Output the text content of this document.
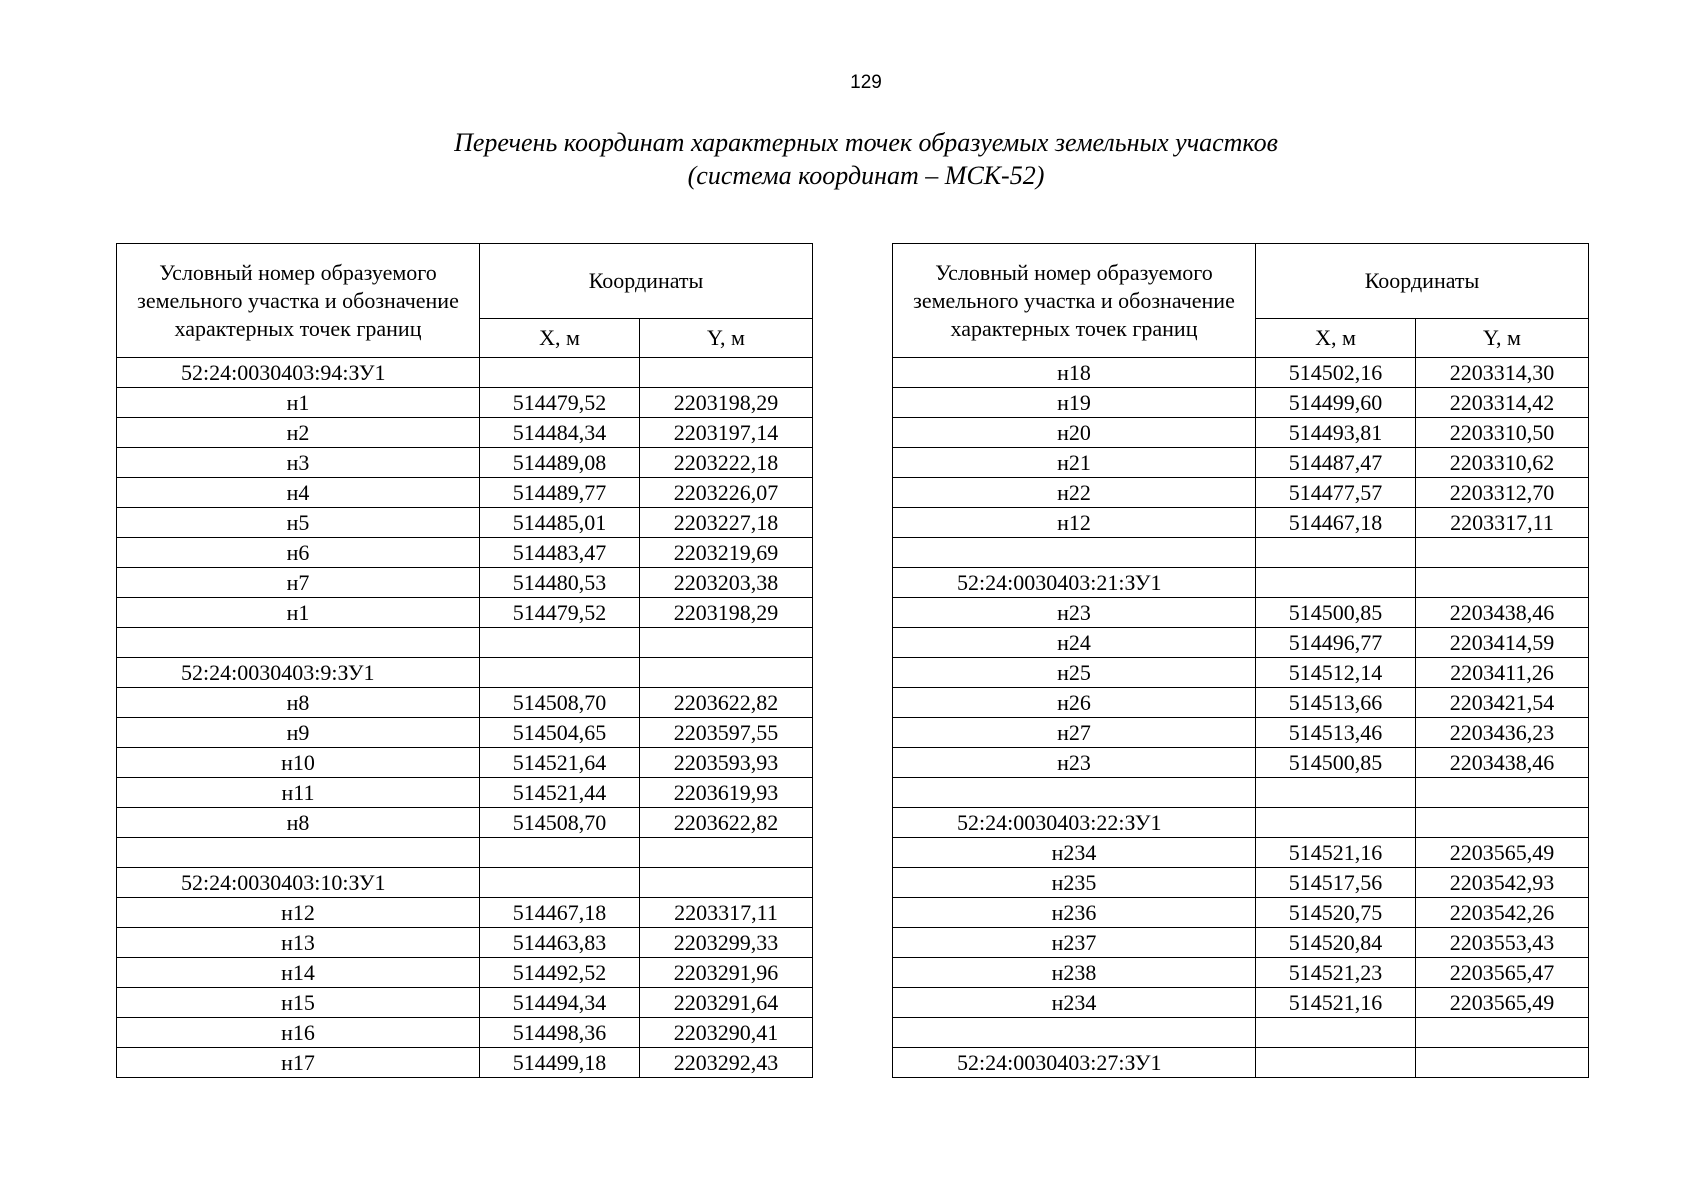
129
Перечень координат характерных точек образуемых земельных участков
(система координат – МСК-52)
Условный номер образуемого земельного участка и обозначение характерных точек границ	Координаты	
	X, м	Y, м
52:24:0030403:94:ЗУ1		
н1	514479,52	2203198,29
н2	514484,34	2203197,14
н3	514489,08	2203222,18
н4	514489,77	2203226,07
н5	514485,01	2203227,18
н6	514483,47	2203219,69
н7	514480,53	2203203,38
н1	514479,52	2203198,29

52:24:0030403:9:ЗУ1		
н8	514508,70	2203622,82
н9	514504,65	2203597,55
н10	514521,64	2203593,93
н11	514521,44	2203619,93
н8	514508,70	2203622,82

52:24:0030403:10:ЗУ1		
н12	514467,18	2203317,11
н13	514463,83	2203299,33
н14	514492,52	2203291,96
н15	514494,34	2203291,64
н16	514498,36	2203290,41
н17	514499,18	2203292,43
Условный номер образуемого земельного участка и обозначение характерных точек границ	Координаты	
	X, м	Y, м
н18	514502,16	2203314,30
н19	514499,60	2203314,42
н20	514493,81	2203310,50
н21	514487,47	2203310,62
н22	514477,57	2203312,70
н12	514467,18	2203317,11

52:24:0030403:21:ЗУ1		
н23	514500,85	2203438,46
н24	514496,77	2203414,59
н25	514512,14	2203411,26
н26	514513,66	2203421,54
н27	514513,46	2203436,23
н23	514500,85	2203438,46

52:24:0030403:22:ЗУ1		
н234	514521,16	2203565,49
н235	514517,56	2203542,93
н236	514520,75	2203542,26
н237	514520,84	2203553,43
н238	514521,23	2203565,47
н234	514521,16	2203565,49

52:24:0030403:27:ЗУ1		
